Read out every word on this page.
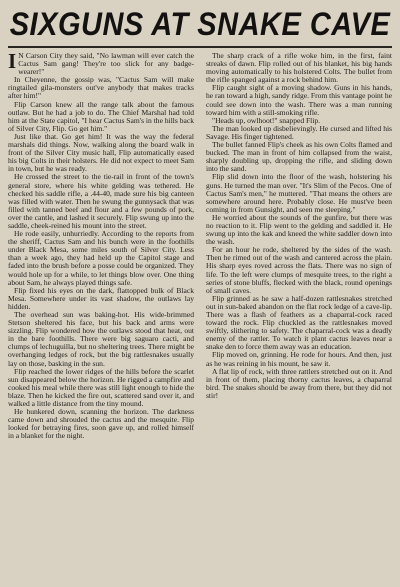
SIXGUNS AT SNAKE CAVE

I N Carson City they said, "No lawman will ever catch the Cactus Sam gang! They're too slick for any badge-wearer!"

In Cheyenne, the gossip was, "Cactus Sam will make ringtailed gila-monsters out've anybody that makes tracks after him!"

Flip Carson knew all the range talk about the famous outlaw. But he had a job to do. The Chief Marshal had told him at the State capitol, "I hear Cactus Sam's in the hills back of Silver City, Flip. Go get him."

Just like that. Go get him! It was the way the federal marshals did things. Now, walking along the board walk in front of the Silver City music hall, Flip automatically eased his big Colts in their holsters. He did not expect to meet Sam in town, but he was ready.

He crossed the street to the tie-rail in front of the town's general store, where his white gelding was tethered. He checked his saddle rifle, a .44-40, made sure his big canteen was filled with water. Then he swung the gunnysack that was filled with tanned beef and flour and a few pounds of pork, over the cantle, and lashed it securely. Flip swung up into the saddle, cheek-reined his mount into the street.

He rode easily, unhurriedly. According to the reports from the sheriff, Cactus Sam and his bunch were in the foothills under Black Mesa, some miles south of Silver City. Less than a week ago, they had held up the Capitol stage and faded into the brush before a posse could be organized. They would hole up for a while, to let things blow over. One thing about Sam, he always played things safe.

Flip fixed his eyes on the dark, flattopped bulk of Black Mesa. Somewhere under its vast shadow, the outlaws lay hidden.

The overhead sun was baking-hot. His wide-brimmed Stetson sheltered his face, but his back and arms were sizzling. Flip wondered how the outlaws stood that heat, out in the bare foothills. There were big saguaro cacti, and clumps of lechuguilla, but no sheltering trees. There might be overhanging ledges of rock, but the big rattlesnakes usually lay on those, basking in the sun.

Flip reached the lower ridges of the hills before the scarlet sun disappeared below the horizon. He rigged a campfire and cooked his meal while there was still light enough to hide the blaze. Then he kicked the fire out, scattered sand over it, and walked a little distance from the tiny mound.

He hunkered down, scanning the horizon. The darkness came down and shrouded the cactus and the mesquite. Flip looked for betraying fires, soon gave up, and rolled himself in a blanket for the night.

The sharp crack of a rifle woke him, in the first, faint streaks of dawn. Flip rolled out of his blanket, his big hands moving automatically to his holstered Colts. The bullet from the rifle spanged against a rock behind him.

Flip caught sight of a moving shadow. Guns in his hands, he ran toward a high, sandy ridge. From this vantage point he could see down into the wash. There was a man running toward him with a still-smoking rifle.

"Heads up, owlhoot!" snapped Flip.

The man looked up disbelievingly. He cursed and lifted his Savage. His finger tightened.

The bullet fanned Flip's cheek as his own Colts flamed and bucked. The man in front of him collapsed from the waist, sharply doubling up, dropping the rifle, and sliding down into the sand.

Flip slid down into the floor of the wash, holstering his guns. He turned the man over. "It's Slim of the Pecos. One of Cactus Sam's men," he muttered. "That means the others are somewhere around here. Probably close. He must've been coming in from Gunsight, and seen me sleeping."

He worried about the sounds of the gunfire, but there was no reaction to it. Flip went to the gelding and saddled it. He swung up into the kak and kneed the white saddler down into the wash.

For an hour he rode, sheltered by the sides of the wash. Then he rimed out of the wash and cantered across the plain. His sharp eyes roved across the flats. There was no sign of life. To the left were clumps of mesquite trees, to the right a series of stone bluffs, flecked with the black, round openings of small caves.

Flip grinned as he saw a half-dozen rattlesnakes stretched out in sun-baked abandon on the flat rock ledge of a cave-lip. There was a flash of feathers as a chaparral-cock raced toward the rock. Flip chuckled as the rattlesnakes moved swiftly, slithering to safety. The chaparral-cock was a deadly enemy of the rattler. To watch it plant cactus leaves near a snake den to force them away was an education.

Flip moved on, grinning. He rode for hours. And then, just as he was reining in his mount, he saw it.

A flat lip of rock, with three rattlers stretched out on it. And in front of them, placing thorny cactus leaves, a chaparral bird. The snakes should be away from there, but they did not stir!
